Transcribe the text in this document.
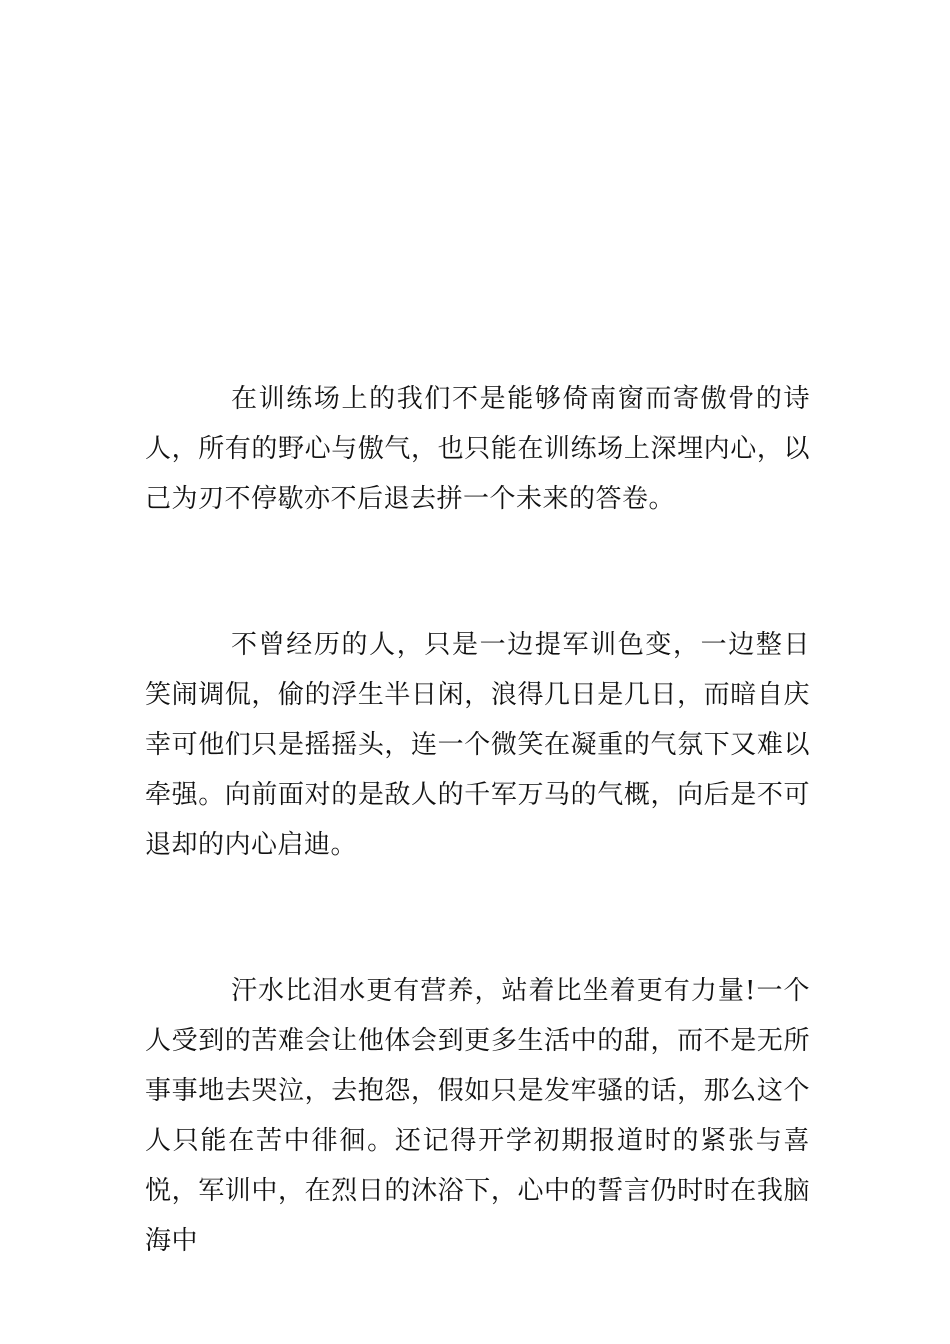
在训练场上的我们不是能够倚南窗而寄傲骨的诗人，所有的野心与傲气，也只能在训练场上深埋内心，以己为刃不停歇亦不后退去拼一个未来的答卷。

不曾经历的人，只是一边提军训色变，一边整日笑闹调侃，偷的浮生半日闲，浪得几日是几日，而暗自庆幸可他们只是摇摇头，连一个微笑在凝重的气氛下又难以牵强。向前面对的是敌人的千军万马的气概，向后是不可退却的内心启迪。

汗水比泪水更有营养，站着比坐着更有力量!一个人受到的苦难会让他体会到更多生活中的甜，而不是无所事事地去哭泣，去抱怨，假如只是发牢骚的话，那么这个人只能在苦中徘徊。还记得开学初期报道时的紧张与喜悦，军训中，在烈日的沐浴下，心中的誓言仍时时在我脑海中
